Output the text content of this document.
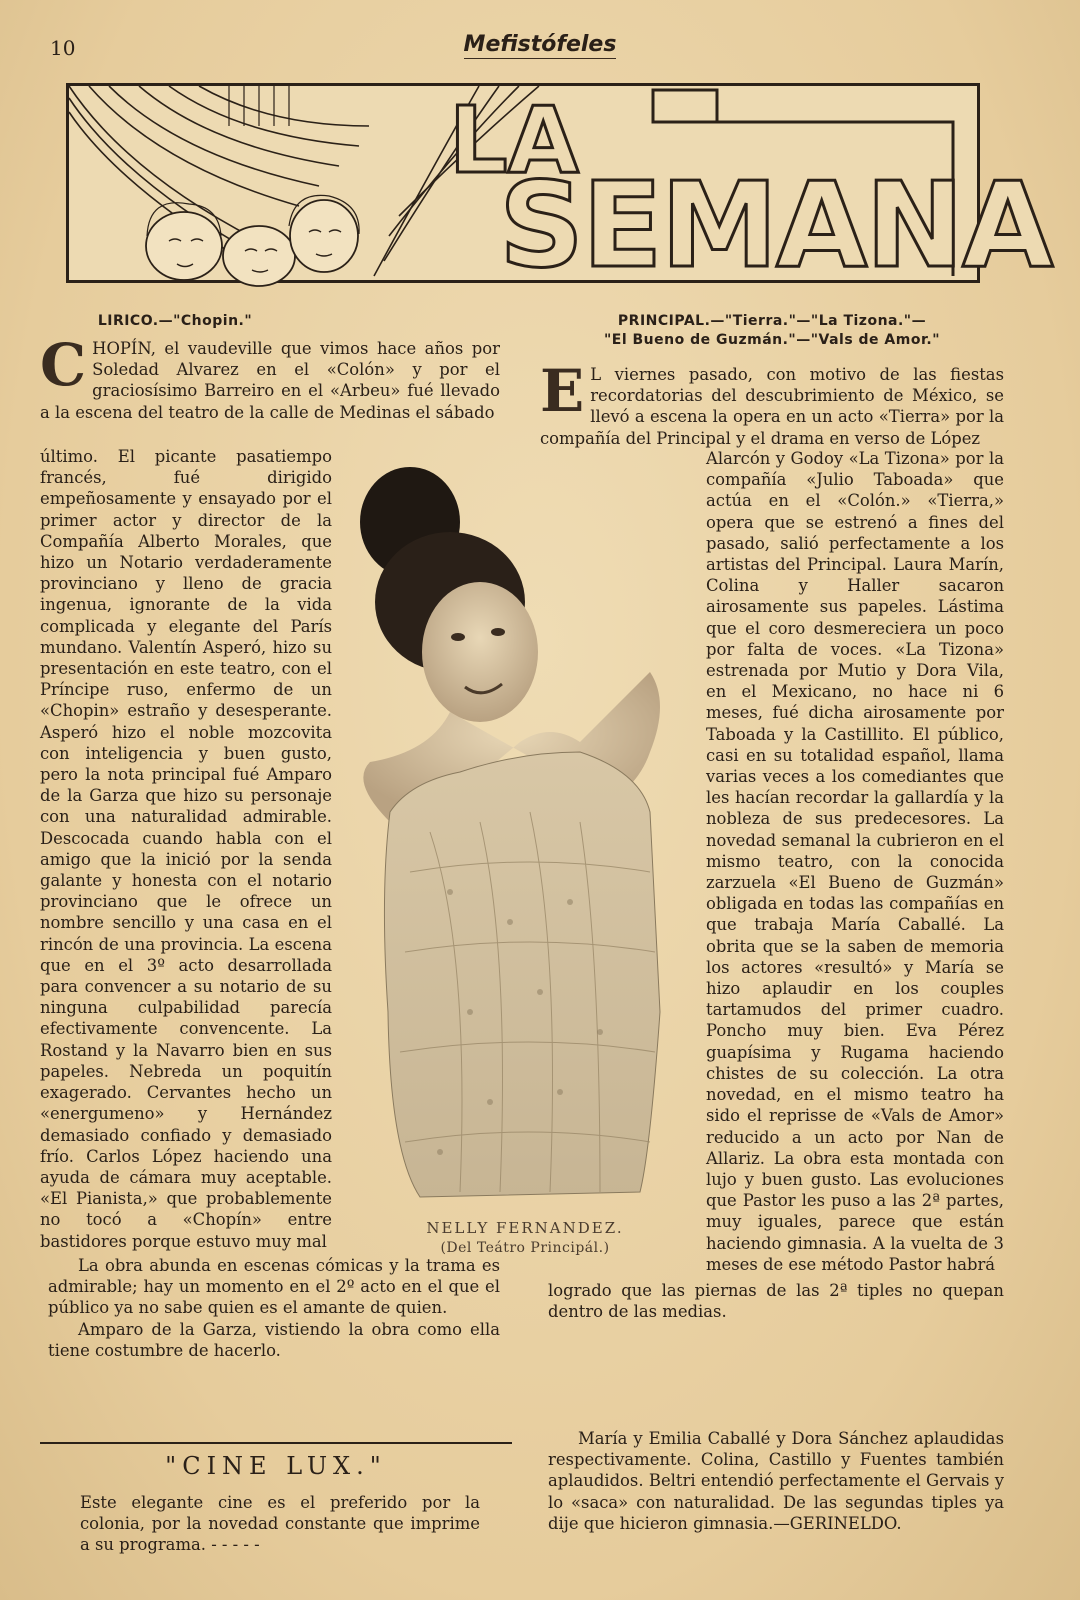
10	Mefistófeles
LA
SEMANA
LIRICO.—"Chopin."

CHOPÍN, el vaudeville que vimos hace años por Soledad Alvarez en el «Colón» y por el graciosísimo Barreiro en el «Arbeu» fué llevado a la escena del teatro de la calle de Medinas el sábado

último. El picante pasatiempo francés, fué dirigido empeñosamente y ensayado por el primer actor y director de la Compañía Alberto Morales, que hizo un Notario verdaderamente provinciano y lleno de gracia ingenua, ignorante de la vida complicada y elegante del París mundano. Valentín Asperó, hizo su presentación en este teatro, con el Príncipe ruso, enfermo de un «Chopin» estraño y desesperante. Asperó hizo el noble mozcovita con inteligencia y buen gusto, pero la nota principal fué Amparo de la Garza que hizo su personaje con una naturalidad admirable. Descocada cuando habla con el amigo que la inició por la senda galante y honesta con el notario provinciano que le ofrece un nombre sencillo y una casa en el rincón de una provincia. La escena que en el 3º acto desarrollada para convencer a su notario de su ninguna culpabilidad parecía efectivamente convencente. La Rostand y la Navarro bien en sus papeles. Nebreda un poquitín exagerado. Cervantes hecho un «energumeno» y Hernández demasiado confiado y demasiado frío. Carlos López haciendo una ayuda de cámara muy aceptable. «El Pianista,» que probablemente no tocó a «Chopín» entre bastidores porque estuvo muy mal

La obra abunda en escenas cómicas y la trama es admirable; hay un momento en el 2º acto en el que el público ya no sabe quien es el amante de quien.

Amparo de la Garza, vistiendo la obra como ella tiene costumbre de hacerlo.

NELLY FERNANDEZ.
(Del Teátro Principál.)
PRINCIPAL.—"Tierra."—"La Tizona."—
"El Bueno de Guzmán."—"Vals de Amor."

E L viernes pasado, con motivo de las fiestas recordatorias del descubrimiento de México, se llevó a escena la opera en un acto «Tierra» por la compañía del Principal y el drama en verso de López

Alarcón y Godoy «La Tizona» por la compañía «Julio Taboada» que actúa en el «Colón.» «Tierra,» opera que se estrenó a fines del pasado, salió perfectamente a los artistas del Principal. Laura Marín, Colina y Haller sacaron airosamente sus papeles. Lástima que el coro desmereciera un poco por falta de voces. «La Tizona» estrenada por Mutio y Dora Vila, en el Mexicano, no hace ni 6 meses, fué dicha airosamente por Taboada y la Castillito. El público, casi en su totalidad español, llama varias veces a los comediantes que les hacían recordar la gallardía y la nobleza de sus predecesores. La novedad semanal la cubrieron en el mismo teatro, con la conocida zarzuela «El Bueno de Guzmán» obligada en todas las compañías en que trabaja María Caballé. La obrita que se la saben de memoria los actores «resultó» y María se hizo aplaudir en los couples tartamudos del primer cuadro. Poncho muy bien. Eva Pérez guapísima y Rugama haciendo chistes de su colección. La otra novedad, en el mismo teatro ha sido el reprisse de «Vals de Amor» reducido a un acto por Nan de Allariz. La obra esta montada con lujo y buen gusto. Las evoluciones que Pastor les puso a las 2ª partes, muy iguales, parece que están haciendo gimnasia. A la vuelta de 3 meses de ese método Pastor habrá

logrado que las piernas de las 2ª tiples no quepan dentro de las medias.

María y Emilia Caballé y Dora Sánchez aplaudidas respectivamente. Colina, Castillo y Fuentes también aplaudidos. Beltri entendió perfectamente el Gervais y lo «saca» con naturalidad. De las segundas tiples ya dije que hicieron gimnasia.—GERINELDO.

"CINE LUX."
Este elegante cine es el preferido por la colonia, por la novedad constante que imprime a su programa. - - - - -
